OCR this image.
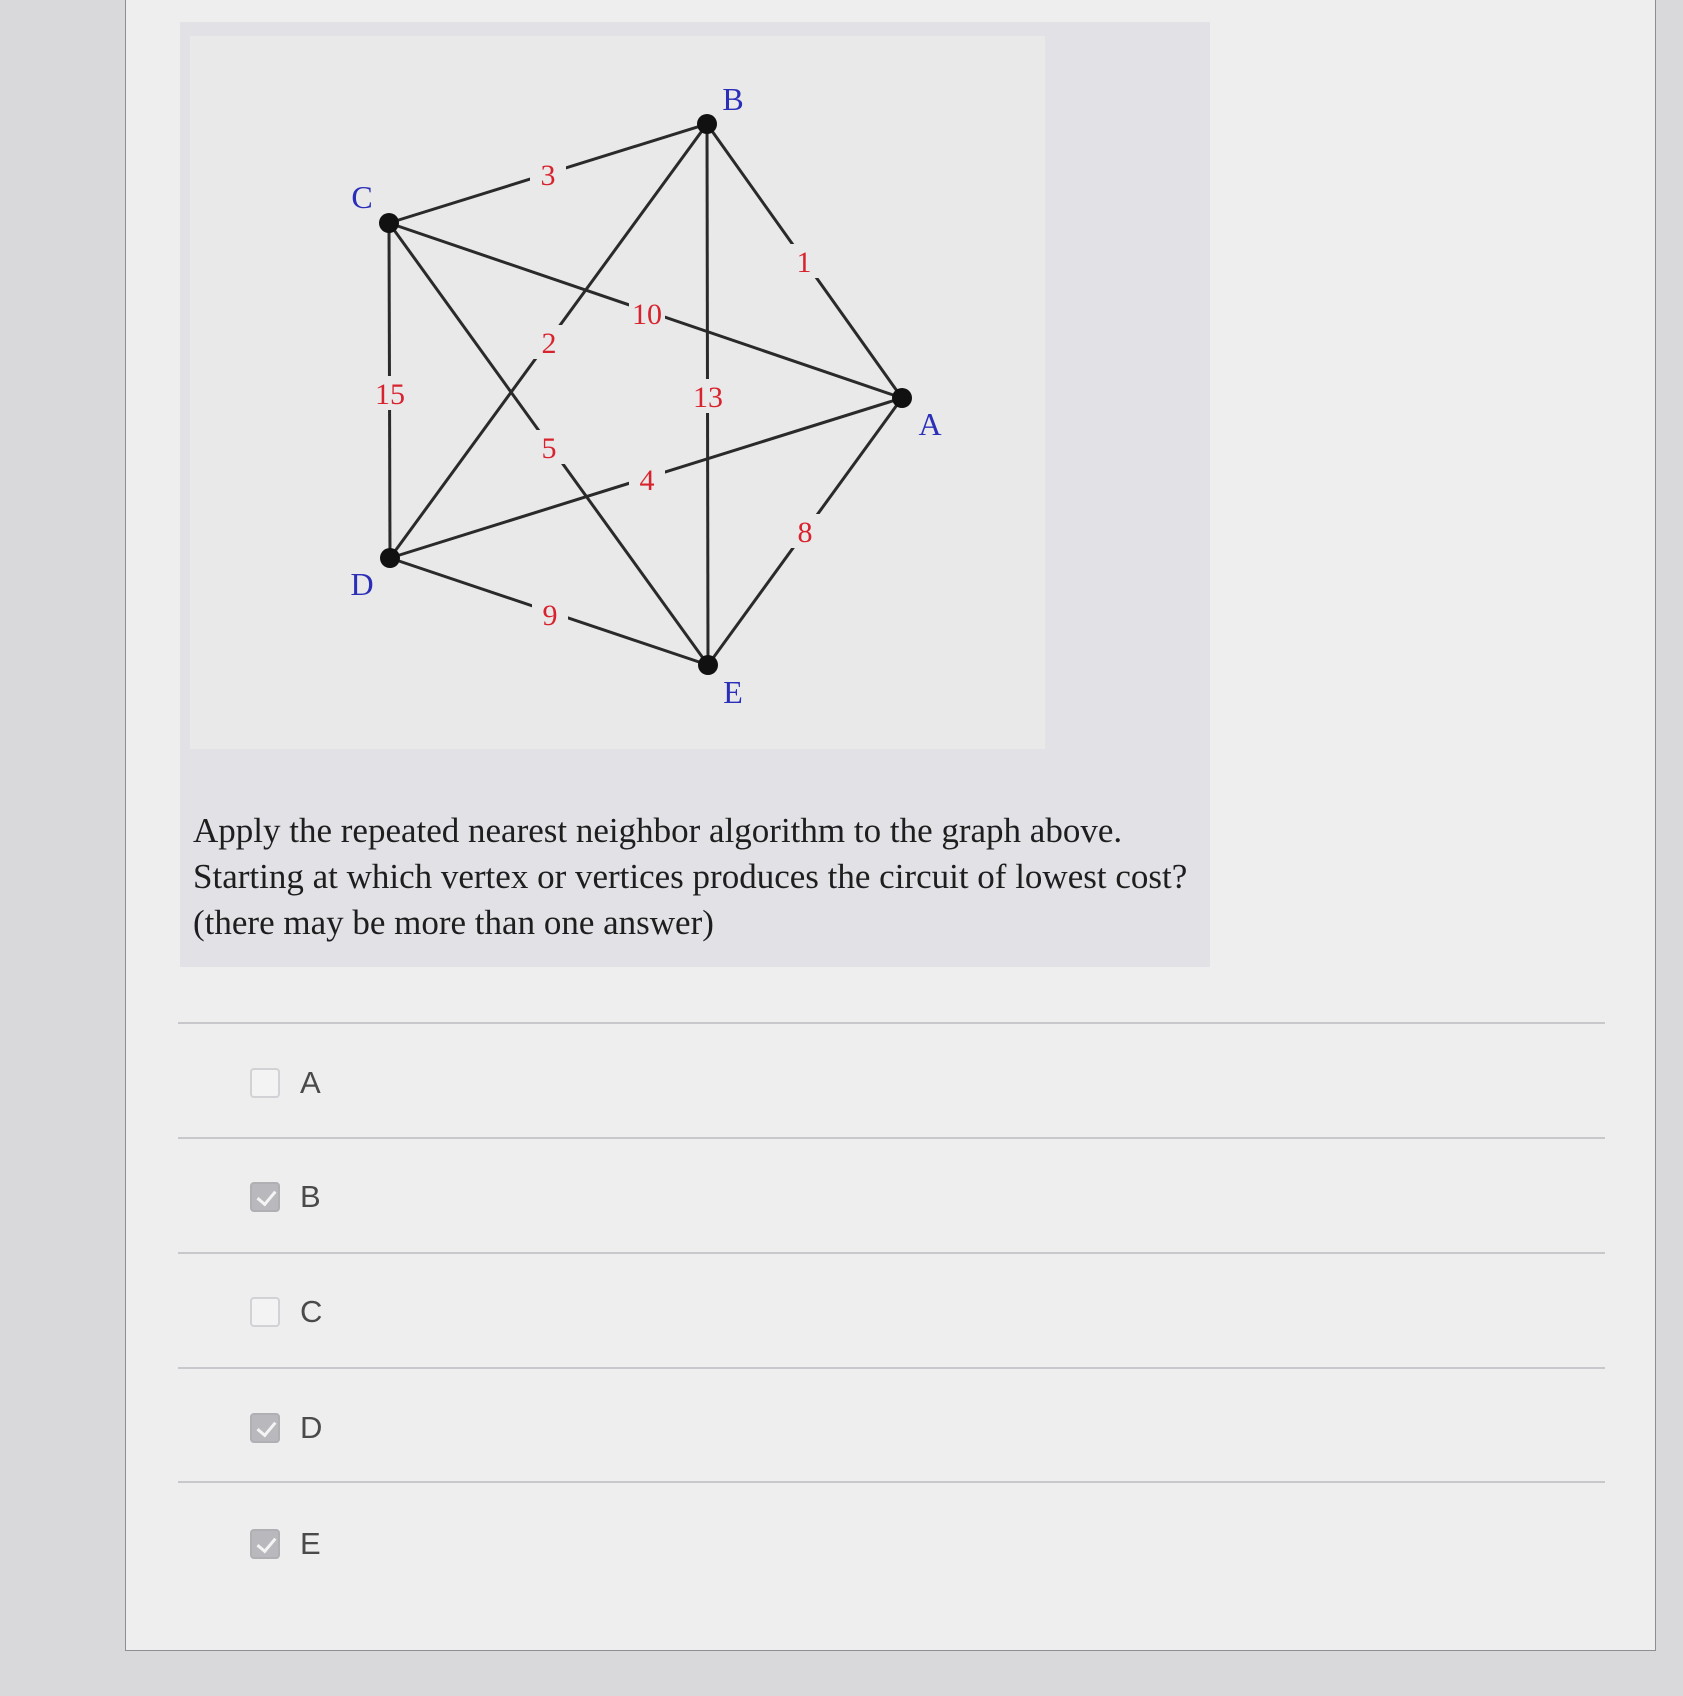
3
1
10
2
15	13
5
4
8
9
A
B
C
D
E
Apply the repeated nearest neighbor algorithm to the graph above. Starting at which vertex or vertices produces the circuit of lowest cost? (there may be more than one answer)
A
B
C
D
E
